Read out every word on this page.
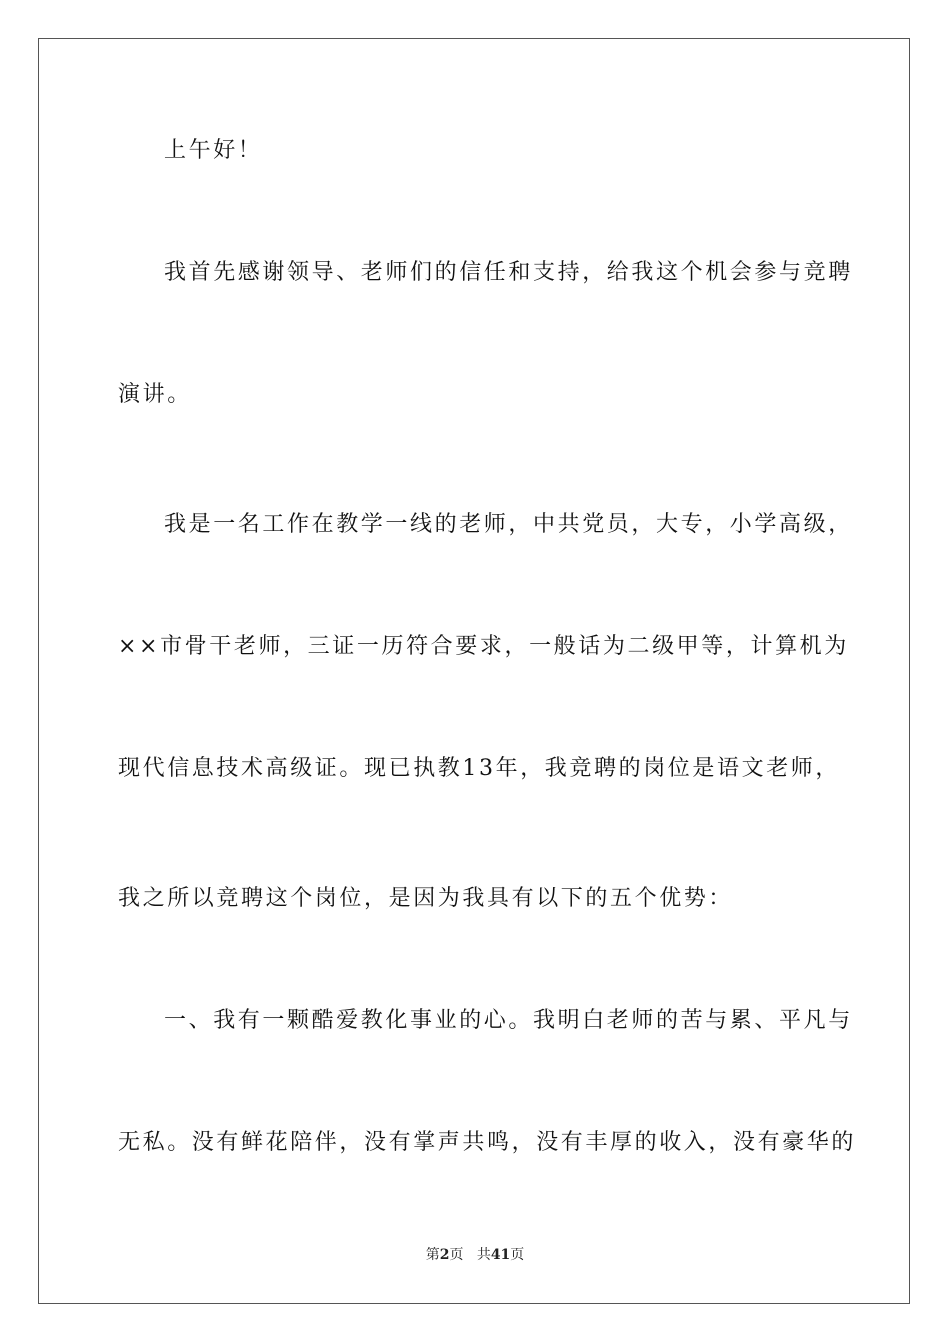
上午好！
我首先感谢领导、老师们的信任和支持，给我这个机会参与竞聘
演讲。
我是一名工作在教学一线的老师，中共党员，大专，小学高级，
××市骨干老师，三证一历符合要求，一般话为二级甲等，计算机为
现代信息技术高级证。现已执教13年，我竞聘的岗位是语文老师，
我之所以竞聘这个岗位，是因为我具有以下的五个优势：
一、我有一颗酷爱教化事业的心。我明白老师的苦与累、平凡与
无私。没有鲜花陪伴，没有掌声共鸣，没有丰厚的收入，没有豪华的
第2页 共41页
